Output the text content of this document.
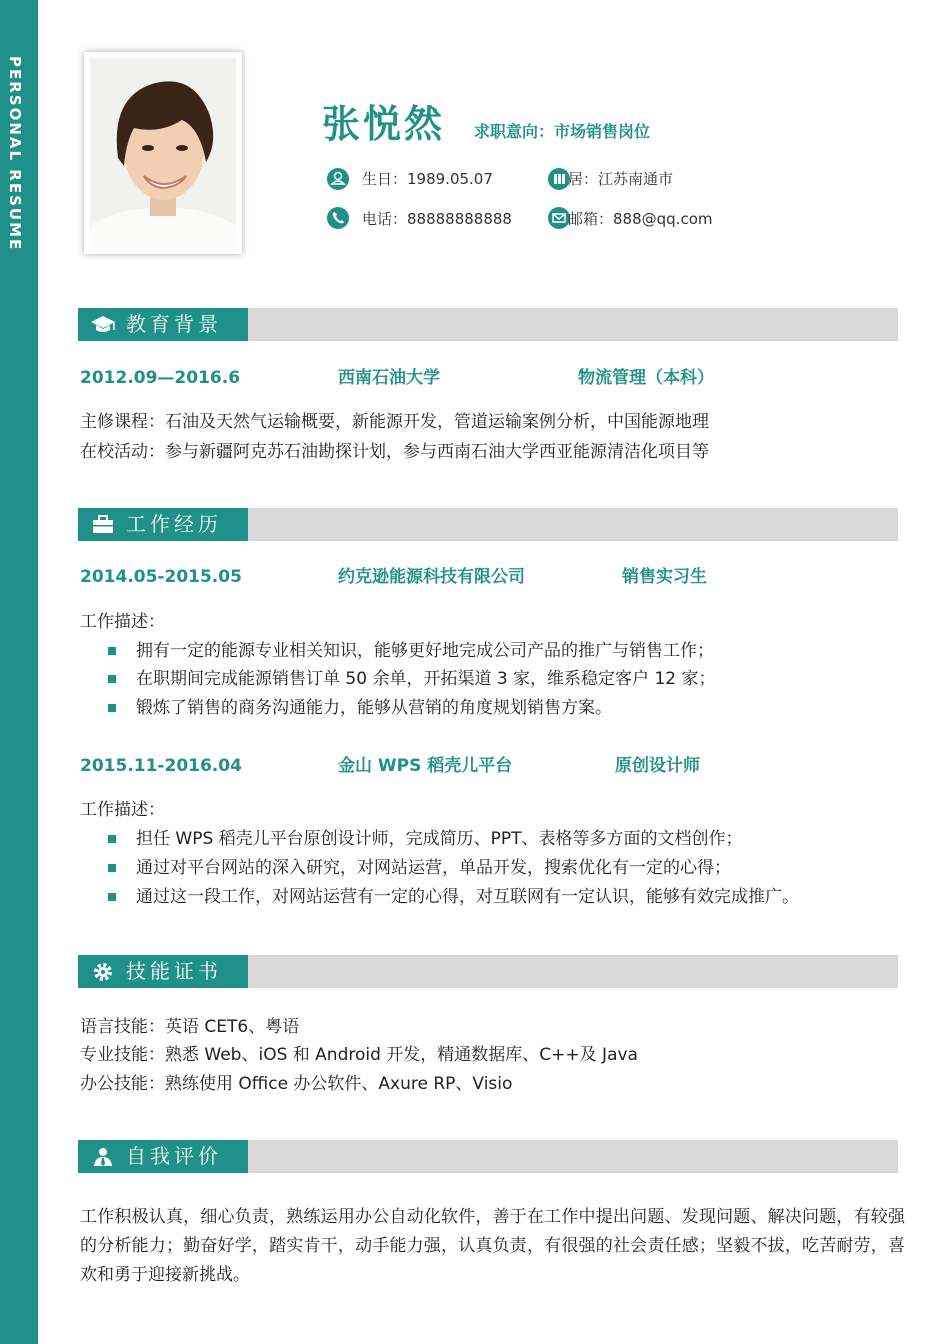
PERSONAL RESUME	张悦然 求职意向：市场销售岗位
生日：1989.05.07	居：江苏南通市
电话：88888888888	邮箱：888@qq.com
教育背景
2012.09—2016.6	西南石油大学	物流管理（本科）
主修课程：石油及天然气运输概要，新能源开发，管道运输案例分析，中国能源地理
在校活动：参与新疆阿克苏石油勘探计划，参与西南石油大学西亚能源清洁化项目等
工作经历
2014.05-2015.05	约克逊能源科技有限公司	销售实习生
工作描述：
拥有一定的能源专业相关知识，能够更好地完成公司产品的推广与销售工作；
在职期间完成能源销售订单 50 余单，开拓渠道 3 家，维系稳定客户 12 家；
锻炼了销售的商务沟通能力，能够从营销的角度规划销售方案。
2015.11-2016.04	金山 WPS 稻壳儿平台	原创设计师
工作描述：
担任 WPS 稻壳儿平台原创设计师，完成简历、PPT、表格等多方面的文档创作；
通过对平台网站的深入研究，对网站运营，单品开发，搜索优化有一定的心得；
通过这一段工作，对网站运营有一定的心得，对互联网有一定认识，能够有效完成推广。
技能证书
语言技能：英语 CET6、粤语
专业技能：熟悉 Web、iOS 和 Android 开发，精通数据库、C++及 Java
办公技能：熟练使用 Office 办公软件、Axure RP、Visio
自我评价
工作积极认真，细心负责，熟练运用办公自动化软件，善于在工作中提出问题、发现问题、解决问题，有较强的分析能力；勤奋好学，踏实肯干，动手能力强，认真负责，有很强的社会责任感；坚毅不拔，吃苦耐劳，喜欢和勇于迎接新挑战。
